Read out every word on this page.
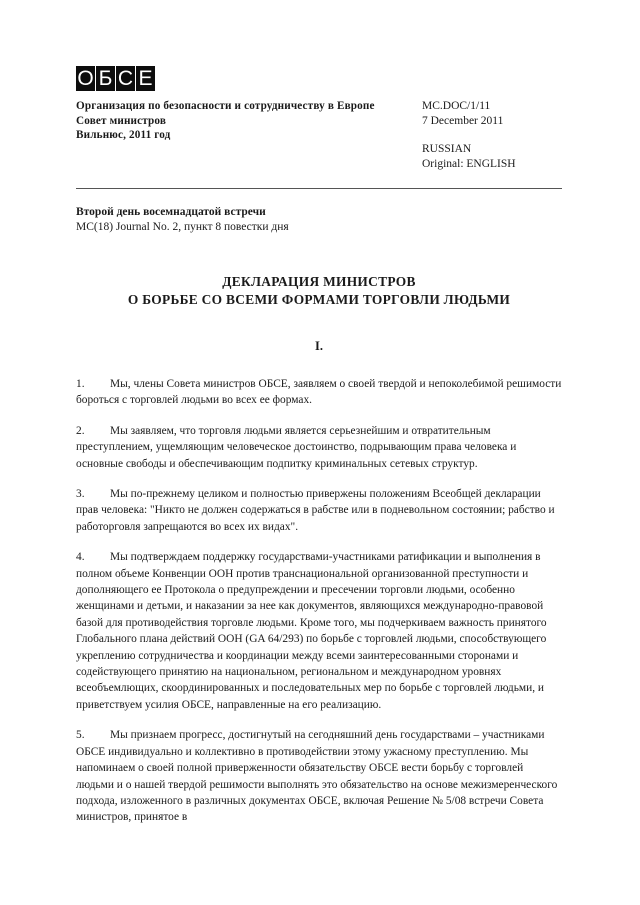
О Б С Е
Организация по безопасности и сотрудничеству в Европе
Совет министров
Вильнюс, 2011 год
MC.DOC/1/11
7 December 2011
RUSSIAN
Original: ENGLISH
Второй день восемнадцатой встречи
MC(18) Journal No. 2, пункт 8 повестки дня
ДЕКЛАРАЦИЯ МИНИСТРОВ
О БОРЬБЕ СО ВСЕМИ ФОРМАМИ ТОРГОВЛИ ЛЮДЬМИ
I.

1. Мы, члены Совета министров ОБСЕ, заявляем о своей твердой и непоколебимой решимости бороться с торговлей людьми во всех ее формах.

2. Мы заявляем, что торговля людьми является серьезнейшим и отвратительным преступлением, ущемляющим человеческое достоинство, подрывающим права человека и основные свободы и обеспечивающим подпитку криминальных сетевых структур.

3. Мы по-прежнему целиком и полностью привержены положениям Всеобщей декларации прав человека: "Никто не должен содержаться в рабстве или в подневольном состоянии; рабство и работорговля запрещаются во всех их видах".

4. Мы подтверждаем поддержку государствами-участниками ратификации и выполнения в полном объеме Конвенции ООН против транснациональной организованной преступности и дополняющего ее Протокола о предупреждении и пресечении торговли людьми, особенно женщинами и детьми, и наказании за нее как документов, являющихся международно-правовой базой для противодействия торговле людьми. Кроме того, мы подчеркиваем важность принятого Глобального плана действий ООН (GA 64/293) по борьбе с торговлей людьми, способствующего укреплению сотрудничества и координации между всеми заинтересованными сторонами и содействующего принятию на национальном, региональном и международном уровнях всеобъемлющих, скоординированных и последовательных мер по борьбе с торговлей людьми, и приветствуем усилия ОБСЕ, направленные на его реализацию.

5. Мы признаем прогресс, достигнутый на сегодняшний день государствами – участниками ОБСЕ индивидуально и коллективно в противодействии этому ужасному преступлению. Мы напоминаем о своей полной приверженности обязательству ОБСЕ вести борьбу с торговлей людьми и о нашей твердой решимости выполнять это обязательство на основе межизмеренческого подхода, изложенного в различных документах ОБСЕ, включая Решение № 5/08 встречи Совета министров, принятое в
